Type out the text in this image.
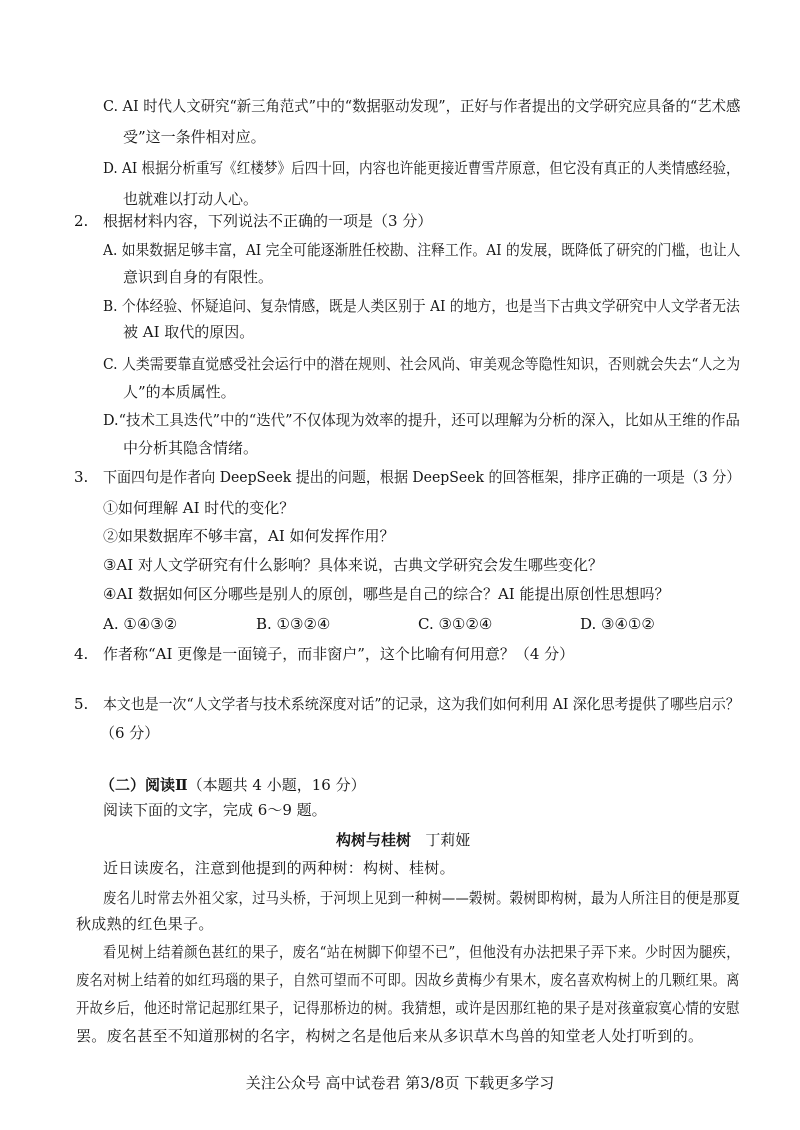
C. AI 时代人文研究“新三角范式”中的“数据驱动发现”，正好与作者提出的文学研究应具备的“艺术感
受”这一条件相对应。
D. AI 根据分析重写《红楼梦》后四十回，内容也许能更接近曹雪芹原意，但它没有真正的人类情感经验，
也就难以打动人心。
2. 根据材料内容，下列说法不正确的一项是（3 分）
A. 如果数据足够丰富，AI 完全可能逐渐胜任校勘、注释工作。AI 的发展，既降低了研究的门槛，也让人
意识到自身的有限性。
B. 个体经验、怀疑追问、复杂情感，既是人类区别于 AI 的地方，也是当下古典文学研究中人文学者无法
被 AI 取代的原因。
C. 人类需要靠直觉感受社会运行中的潜在规则、社会风尚、审美观念等隐性知识，否则就会失去“人之为
人”的本质属性。
D.“技术工具迭代”中的“迭代”不仅体现为效率的提升，还可以理解为分析的深入，比如从王维的作品
中分析其隐含情绪。
3. 下面四句是作者向 DeepSeek 提出的问题，根据 DeepSeek 的回答框架，排序正确的一项是（3 分）
①如何理解 AI 时代的变化？
②如果数据库不够丰富，AI 如何发挥作用？
③AI 对人文学研究有什么影响？具体来说，古典文学研究会发生哪些变化？
④AI 数据如何区分哪些是别人的原创，哪些是自己的综合？AI 能提出原创性思想吗？
A. ①④③②	B. ①③②④	C. ③①②④	D. ③④①②
4. 作者称“AI 更像是一面镜子，而非窗户”，这个比喻有何用意？（4 分）
5. 本文也是一次“人文学者与技术系统深度对话”的记录，这为我们如何利用 AI 深化思考提供了哪些启示？
（6 分）
（二）阅读Ⅱ（本题共 4 小题，16 分）
阅读下面的文字，完成 6～9 题。
构树与桂树 丁莉娅
近日读废名，注意到他提到的两种树：构树、桂树。
废名儿时常去外祖父家，过马头桥，于河坝上见到一种树——榖树。榖树即构树，最为人所注目的便是那夏
秋成熟的红色果子。
看见树上结着颜色甚红的果子，废名“站在树脚下仰望不已”，但他没有办法把果子弄下来。少时因为腿疾，
废名对树上结着的如红玛瑙的果子，自然可望而不可即。因故乡黄梅少有果木，废名喜欢构树上的几颗红果。离
开故乡后，他还时常记起那红果子，记得那桥边的树。我猜想，或许是因那红艳的果子是对孩童寂寞心情的安慰
罢。废名甚至不知道那树的名字，构树之名是他后来从多识草木鸟兽的知堂老人处打听到的。
关注公众号 高中试卷君 第3/8页 下载更多学习
